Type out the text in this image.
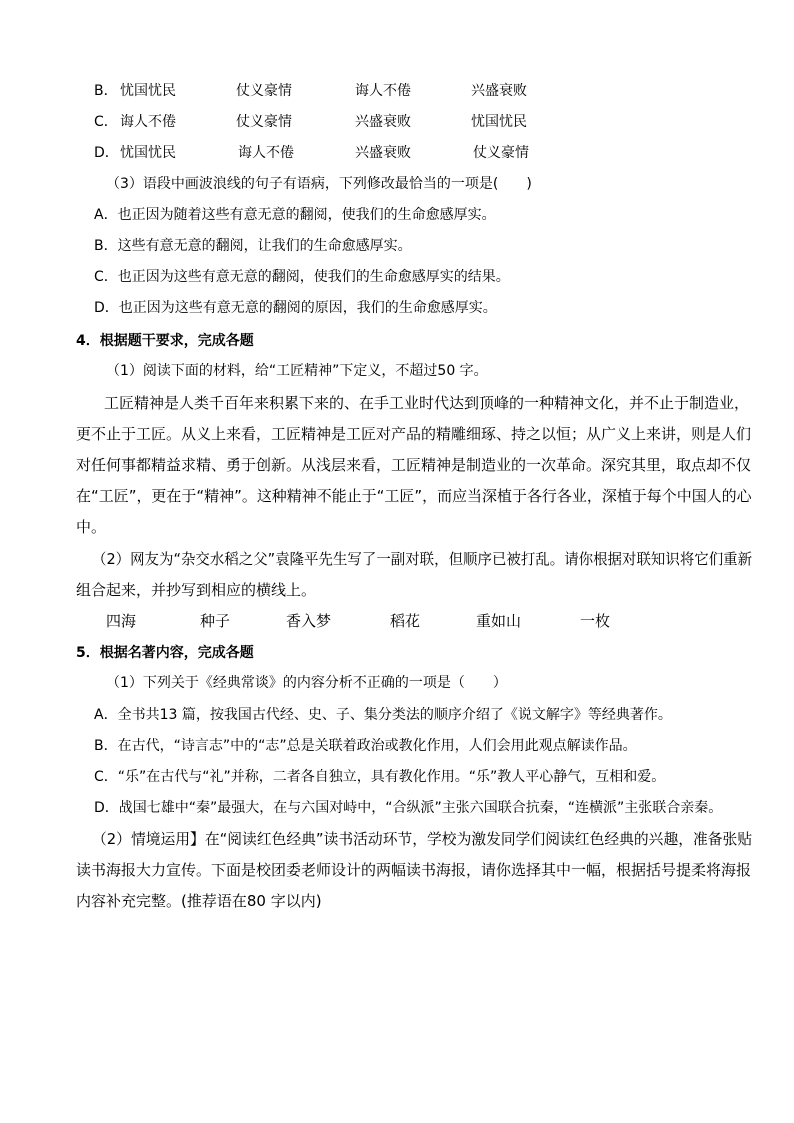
B． 忧国忧民	仗义豪情	诲人不倦	兴盛衰败
C． 诲人不倦	仗义豪情	兴盛衰败	忧国忧民
D． 忧国忧民	诲人不倦	兴盛衰败	仗义豪情
（3）语段中画波浪线的句子有语病，下列修改最恰当的一项是(　　)
A．也正因为随着这些有意无意的翻阅，使我们的生命愈感厚实。
B．这些有意无意的翻阅，让我们的生命愈感厚实。
C．也正因为这些有意无意的翻阅，使我们的生命愈感厚实的结果。
D．也正因为这些有意无意的翻阅的原因，我们的生命愈感厚实。
4．根据题干要求，完成各题
（1）阅读下面的材料，给“工匠精神”下定义，不超过50 字。
工匠精神是人类千百年来积累下来的、在手工业时代达到顶峰的一种精神文化，并不止于制造业，
更不止于工匠。从义上来看，工匠精神是工匠对产品的精雕细琢、持之以恒；从广义上来讲，则是人们
对任何事都精益求精、勇于创新。从浅层来看，工匠精神是制造业的一次革命。深究其里，取点却不仅
在“工匠”，更在于“精神”。这种精神不能止于“工匠”，而应当深植于各行各业，深植于每个中国人的心
中。
（2）网友为“杂交水稻之父”袁隆平先生写了一副对联，但顺序已被打乱。请你根据对联知识将它们重新
组合起来，并抄写到相应的横线上。
四海	种子	香入梦	稻花	重如山	一枚
5．根据名著内容，完成各题
（1）下列关于《经典常谈》的内容分析不正确的一项是（　　）
A．全书共13 篇，按我国古代经、史、子、集分类法的顺序介绍了《说文解字》等经典著作。
B．在古代，“诗言志”中的“志”总是关联着政治或教化作用，人们会用此观点解读作品。
C．“乐”在古代与“礼”并称，二者各自独立，具有教化作用。“乐”教人平心静气，互相和爱。
D．战国七雄中“秦”最强大，在与六国对峙中，“合纵派”主张六国联合抗秦，“连横派”主张联合亲秦。
（2）情境运用】在“阅读红色经典”读书活动环节，学校为激发同学们阅读红色经典的兴趣，准备张贴
读书海报大力宣传。下面是校团委老师设计的两幅读书海报，请你选择其中一幅，根据括号提柔将海报
内容补充完整。(推荐语在80 字以内)
